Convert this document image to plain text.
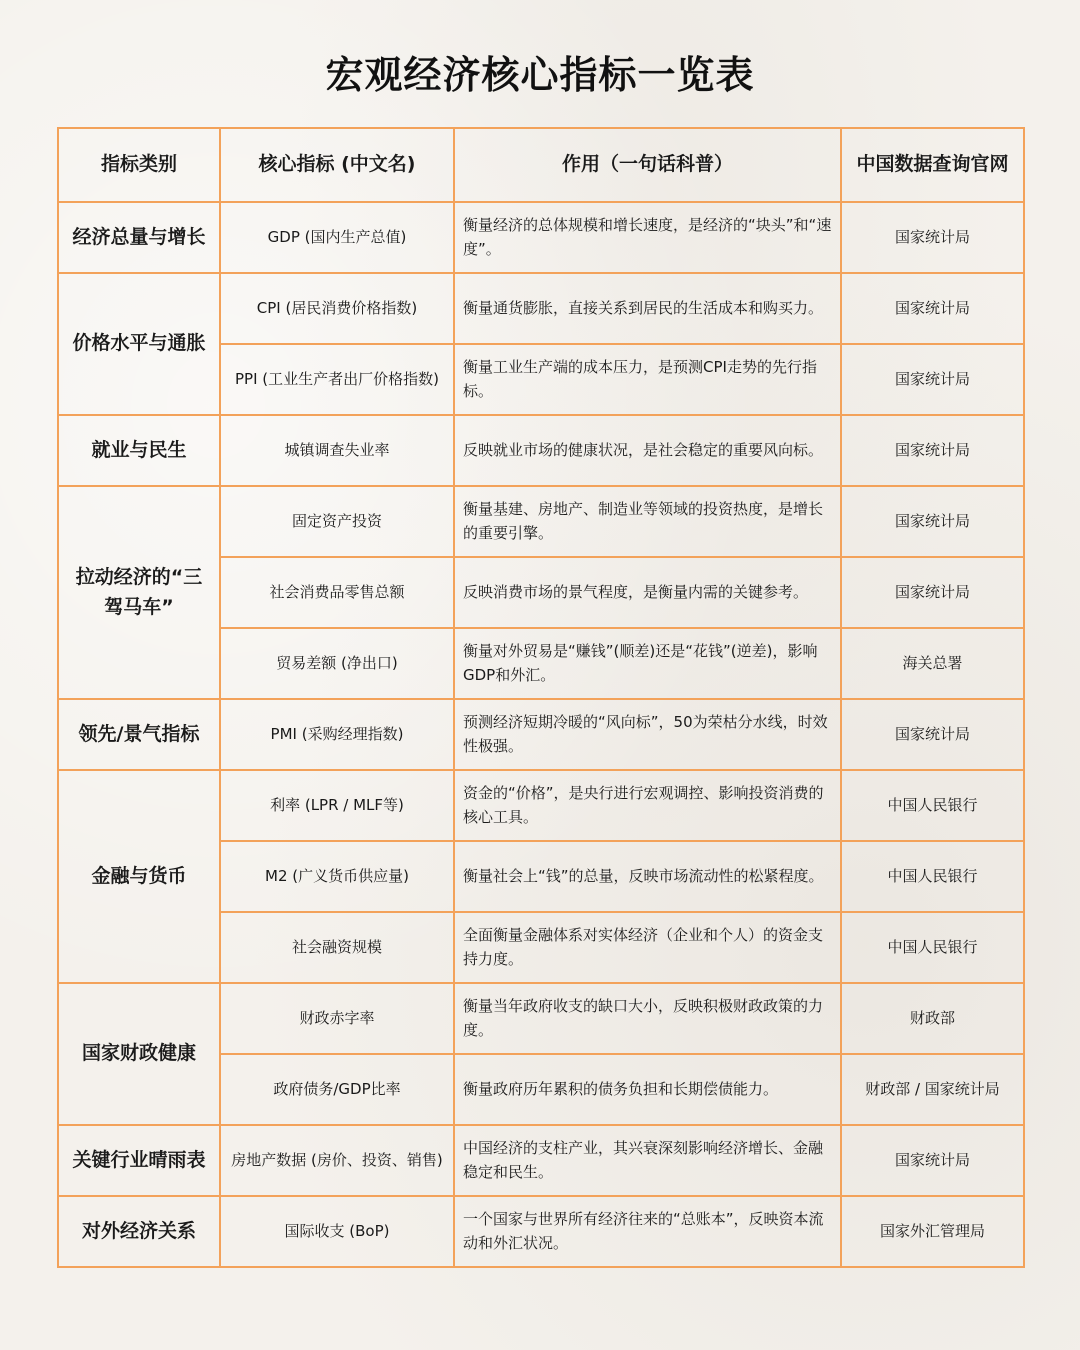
宏观经济核心指标一览表
指标类别	核心指标 (中文名)	作用（一句话科普）	中国数据查询官网
经济总量与增长	GDP (国内生产总值)	衡量经济的总体规模和增长速度，是经济的“块头”和“速度”。	国家统计局
价格水平与通胀	CPI (居民消费价格指数)	衡量通货膨胀，直接关系到居民的生活成本和购买力。	国家统计局
	PPI (工业生产者出厂价格指数)	衡量工业生产端的成本压力，是预测CPI走势的先行指标。	国家统计局
就业与民生	城镇调查失业率	反映就业市场的健康状况，是社会稳定的重要风向标。	国家统计局
拉动经济的“三驾马车”	固定资产投资	衡量基建、房地产、制造业等领域的投资热度，是增长的重要引擎。	国家统计局
	社会消费品零售总额	反映消费市场的景气程度，是衡量内需的关键参考。	国家统计局
	贸易差额 (净出口)	衡量对外贸易是“赚钱”(顺差)还是“花钱”(逆差)，影响GDP和外汇。	海关总署
领先/景气指标	PMI (采购经理指数)	预测经济短期冷暖的“风向标”，50为荣枯分水线，时效性极强。	国家统计局
金融与货币	利率 (LPR / MLF等)	资金的“价格”，是央行进行宏观调控、影响投资消费的核心工具。	中国人民银行
	M2 (广义货币供应量)	衡量社会上“钱”的总量，反映市场流动性的松紧程度。	中国人民银行
	社会融资规模	全面衡量金融体系对实体经济（企业和个人）的资金支持力度。	中国人民银行
国家财政健康	财政赤字率	衡量当年政府收支的缺口大小，反映积极财政政策的力度。	财政部
	政府债务/GDP比率	衡量政府历年累积的债务负担和长期偿债能力。	财政部 / 国家统计局
关键行业晴雨表	房地产数据 (房价、投资、销售)	中国经济的支柱产业，其兴衰深刻影响经济增长、金融稳定和民生。	国家统计局
对外经济关系	国际收支 (BoP)	一个国家与世界所有经济往来的“总账本”，反映资本流动和外汇状况。	国家外汇管理局
